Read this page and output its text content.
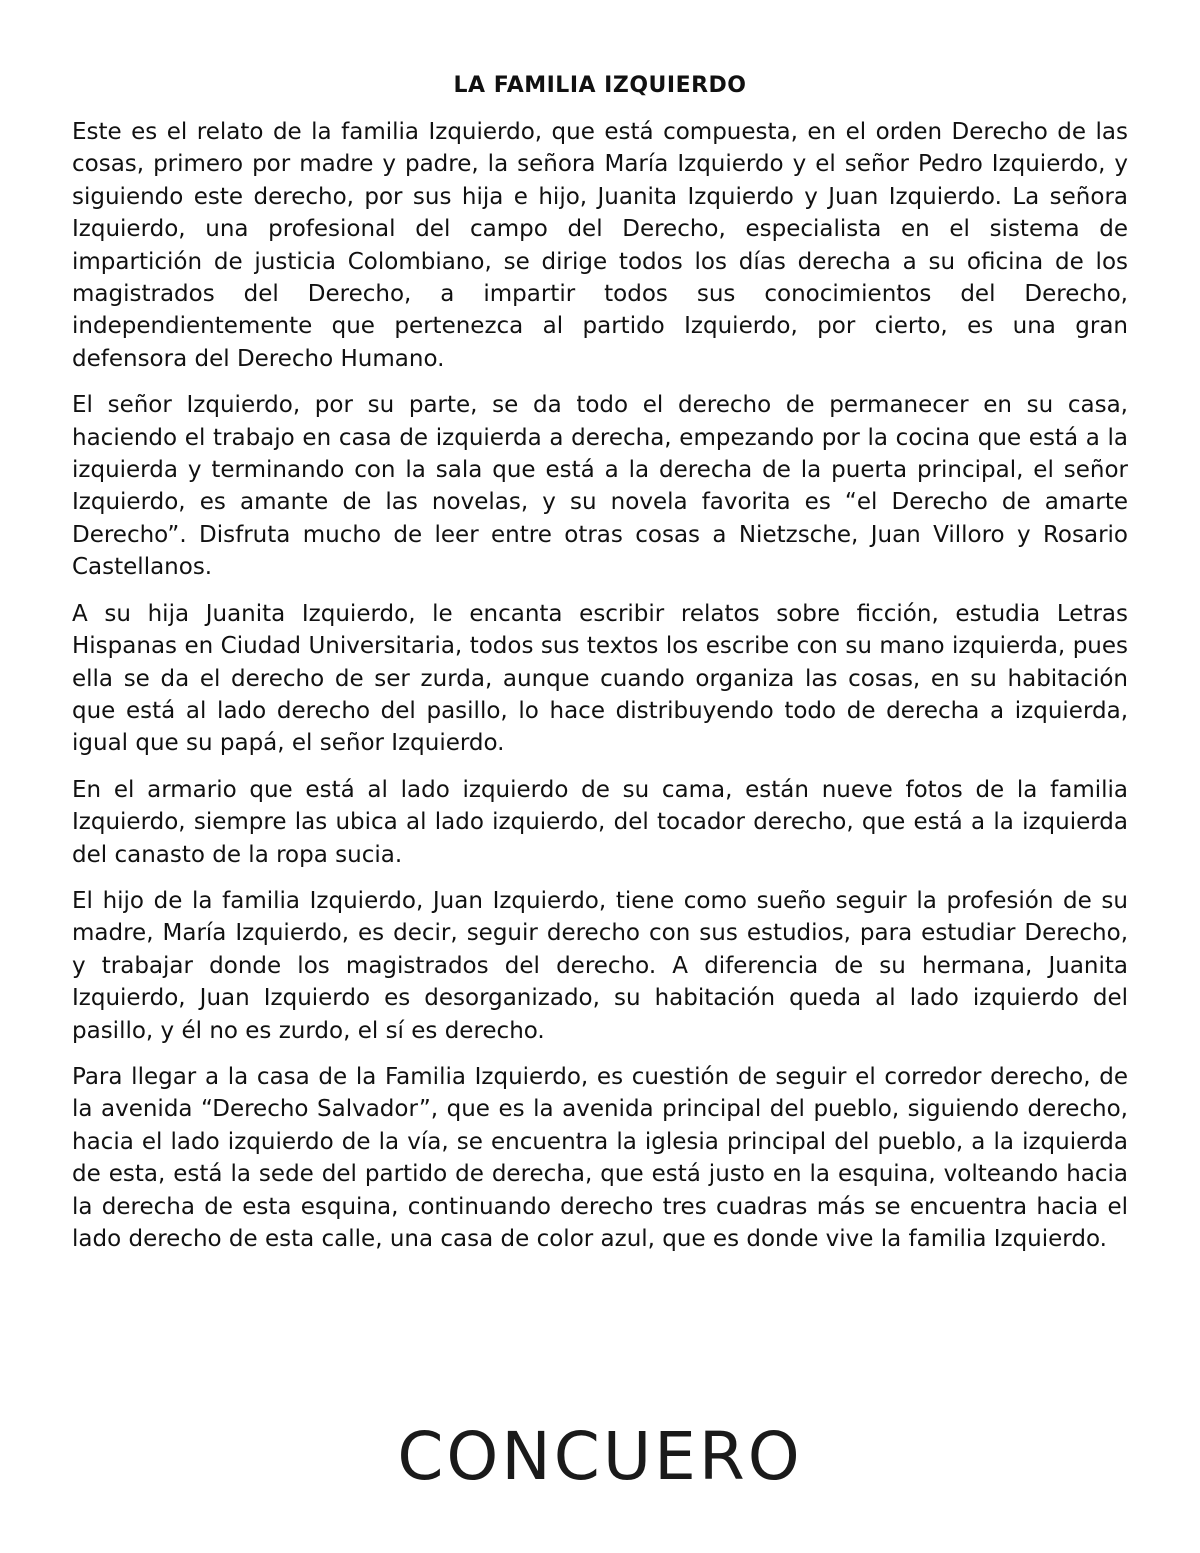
LA FAMILIA IZQUIERDO

Este es el relato de la familia Izquierdo, que está compuesta, en el orden Derecho de las cosas, primero por madre y padre, la señora María Izquierdo y el señor Pedro Izquierdo, y siguiendo este derecho, por sus hija e hijo, Juanita Izquierdo y Juan Izquierdo. La señora Izquierdo, una profesional del campo del Derecho, especialista en el sistema de impartición de justicia Colombiano, se dirige todos los días derecha a su oficina de los magistrados del Derecho, a impartir todos sus conocimientos del Derecho, independientemente que pertenezca al partido Izquierdo, por cierto, es una gran defensora del Derecho Humano.

El señor Izquierdo, por su parte, se da todo el derecho de permanecer en su casa, haciendo el trabajo en casa de izquierda a derecha, empezando por la cocina que está a la izquierda y terminando con la sala que está a la derecha de la puerta principal, el señor Izquierdo, es amante de las novelas, y su novela favorita es “el Derecho de amarte Derecho”. Disfruta mucho de leer entre otras cosas a Nietzsche, Juan Villoro y Rosario Castellanos.

A su hija Juanita Izquierdo, le encanta escribir relatos sobre ficción, estudia Letras Hispanas en Ciudad Universitaria, todos sus textos los escribe con su mano izquierda, pues ella se da el derecho de ser zurda, aunque cuando organiza las cosas, en su habitación que está al lado derecho del pasillo, lo hace distribuyendo todo de derecha a izquierda, igual que su papá, el señor Izquierdo.

En el armario que está al lado izquierdo de su cama, están nueve fotos de la familia Izquierdo, siempre las ubica al lado izquierdo, del tocador derecho, que está a la izquierda del canasto de la ropa sucia.

El hijo de la familia Izquierdo, Juan Izquierdo, tiene como sueño seguir la profesión de su madre, María Izquierdo, es decir, seguir derecho con sus estudios, para estudiar Derecho, y trabajar donde los magistrados del derecho. A diferencia de su hermana, Juanita Izquierdo, Juan Izquierdo es desorganizado, su habitación queda al lado izquierdo del pasillo, y él no es zurdo, el sí es derecho.

Para llegar a la casa de la Familia Izquierdo, es cuestión de seguir el corredor derecho, de la avenida “Derecho Salvador”, que es la avenida principal del pueblo, siguiendo derecho, hacia el lado izquierdo de la vía, se encuentra la iglesia principal del pueblo, a la izquierda de esta, está la sede del partido de derecha, que está justo en la esquina, volteando hacia la derecha de esta esquina, continuando derecho tres cuadras más se encuentra hacia el lado derecho de esta calle, una casa de color azul, que es donde vive la familia Izquierdo.

CONCUERO
